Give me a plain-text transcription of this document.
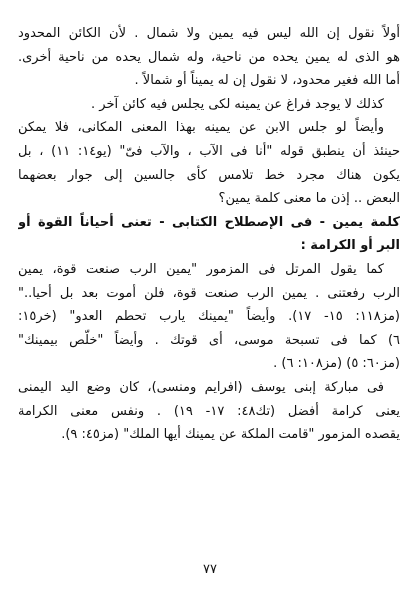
أولاً نقول إن الله ليس فيه يمين ولا شمال . لأن الكائن المحدود
هو الذى له يمين يحده من ناحية، وله شمال يحده من ناحية أخرى.
أما الله فغير محدود، لا نقول إن له يميناً أو شمالاً .
كذلك لا يوجد فراغ عن يمينه لكى يجلس فيه كائن آخر .
وأيضاً لو جلس الابن عن يمينه بهذا المعنى المكانى، فلا يمكن
حينئذ أن ينطبق قوله "أنا فى الآب ، والآب فىّ" (يو١٤: ١١) ، بل
يكون هناك مجرد خط تلامس كأى جالسين إلى جوار بعضهما
البعض .. إذن ما معنى كلمة يمين؟
كلمة يمين - فى الإصطلاح الكتابى - تعنى أحياناً القوة أو
البر أو الكرامة :
كما يقول المرتل فى المزمور "يمين الرب صنعت قوة، يمين
الرب رفعتنى . يمين الرب صنعت قوة، فلن أموت بعد بل أحيا.."
(مز١١٨: ١٥- ١٧). وأيضاً "يمينك يارب تحطم العدو" (خر١٥:
٦) كما فى تسبحة موسى، أى قوتك . وأيضاً "خلّص بيمينك"
(مز٦٠: ٥) (مز١٠٨: ٦) .
فى مباركة إبنى يوسف (افرايم ومنسى)، كان وضع اليد اليمنى
يعنى كرامة أفضل (تك٤٨: ١٧- ١٩) . ونفس معنى الكرامة
يقصده المزمور "قامت الملكة عن يمينك أيها الملك" (مز٤٥: ٩).
٧٧
